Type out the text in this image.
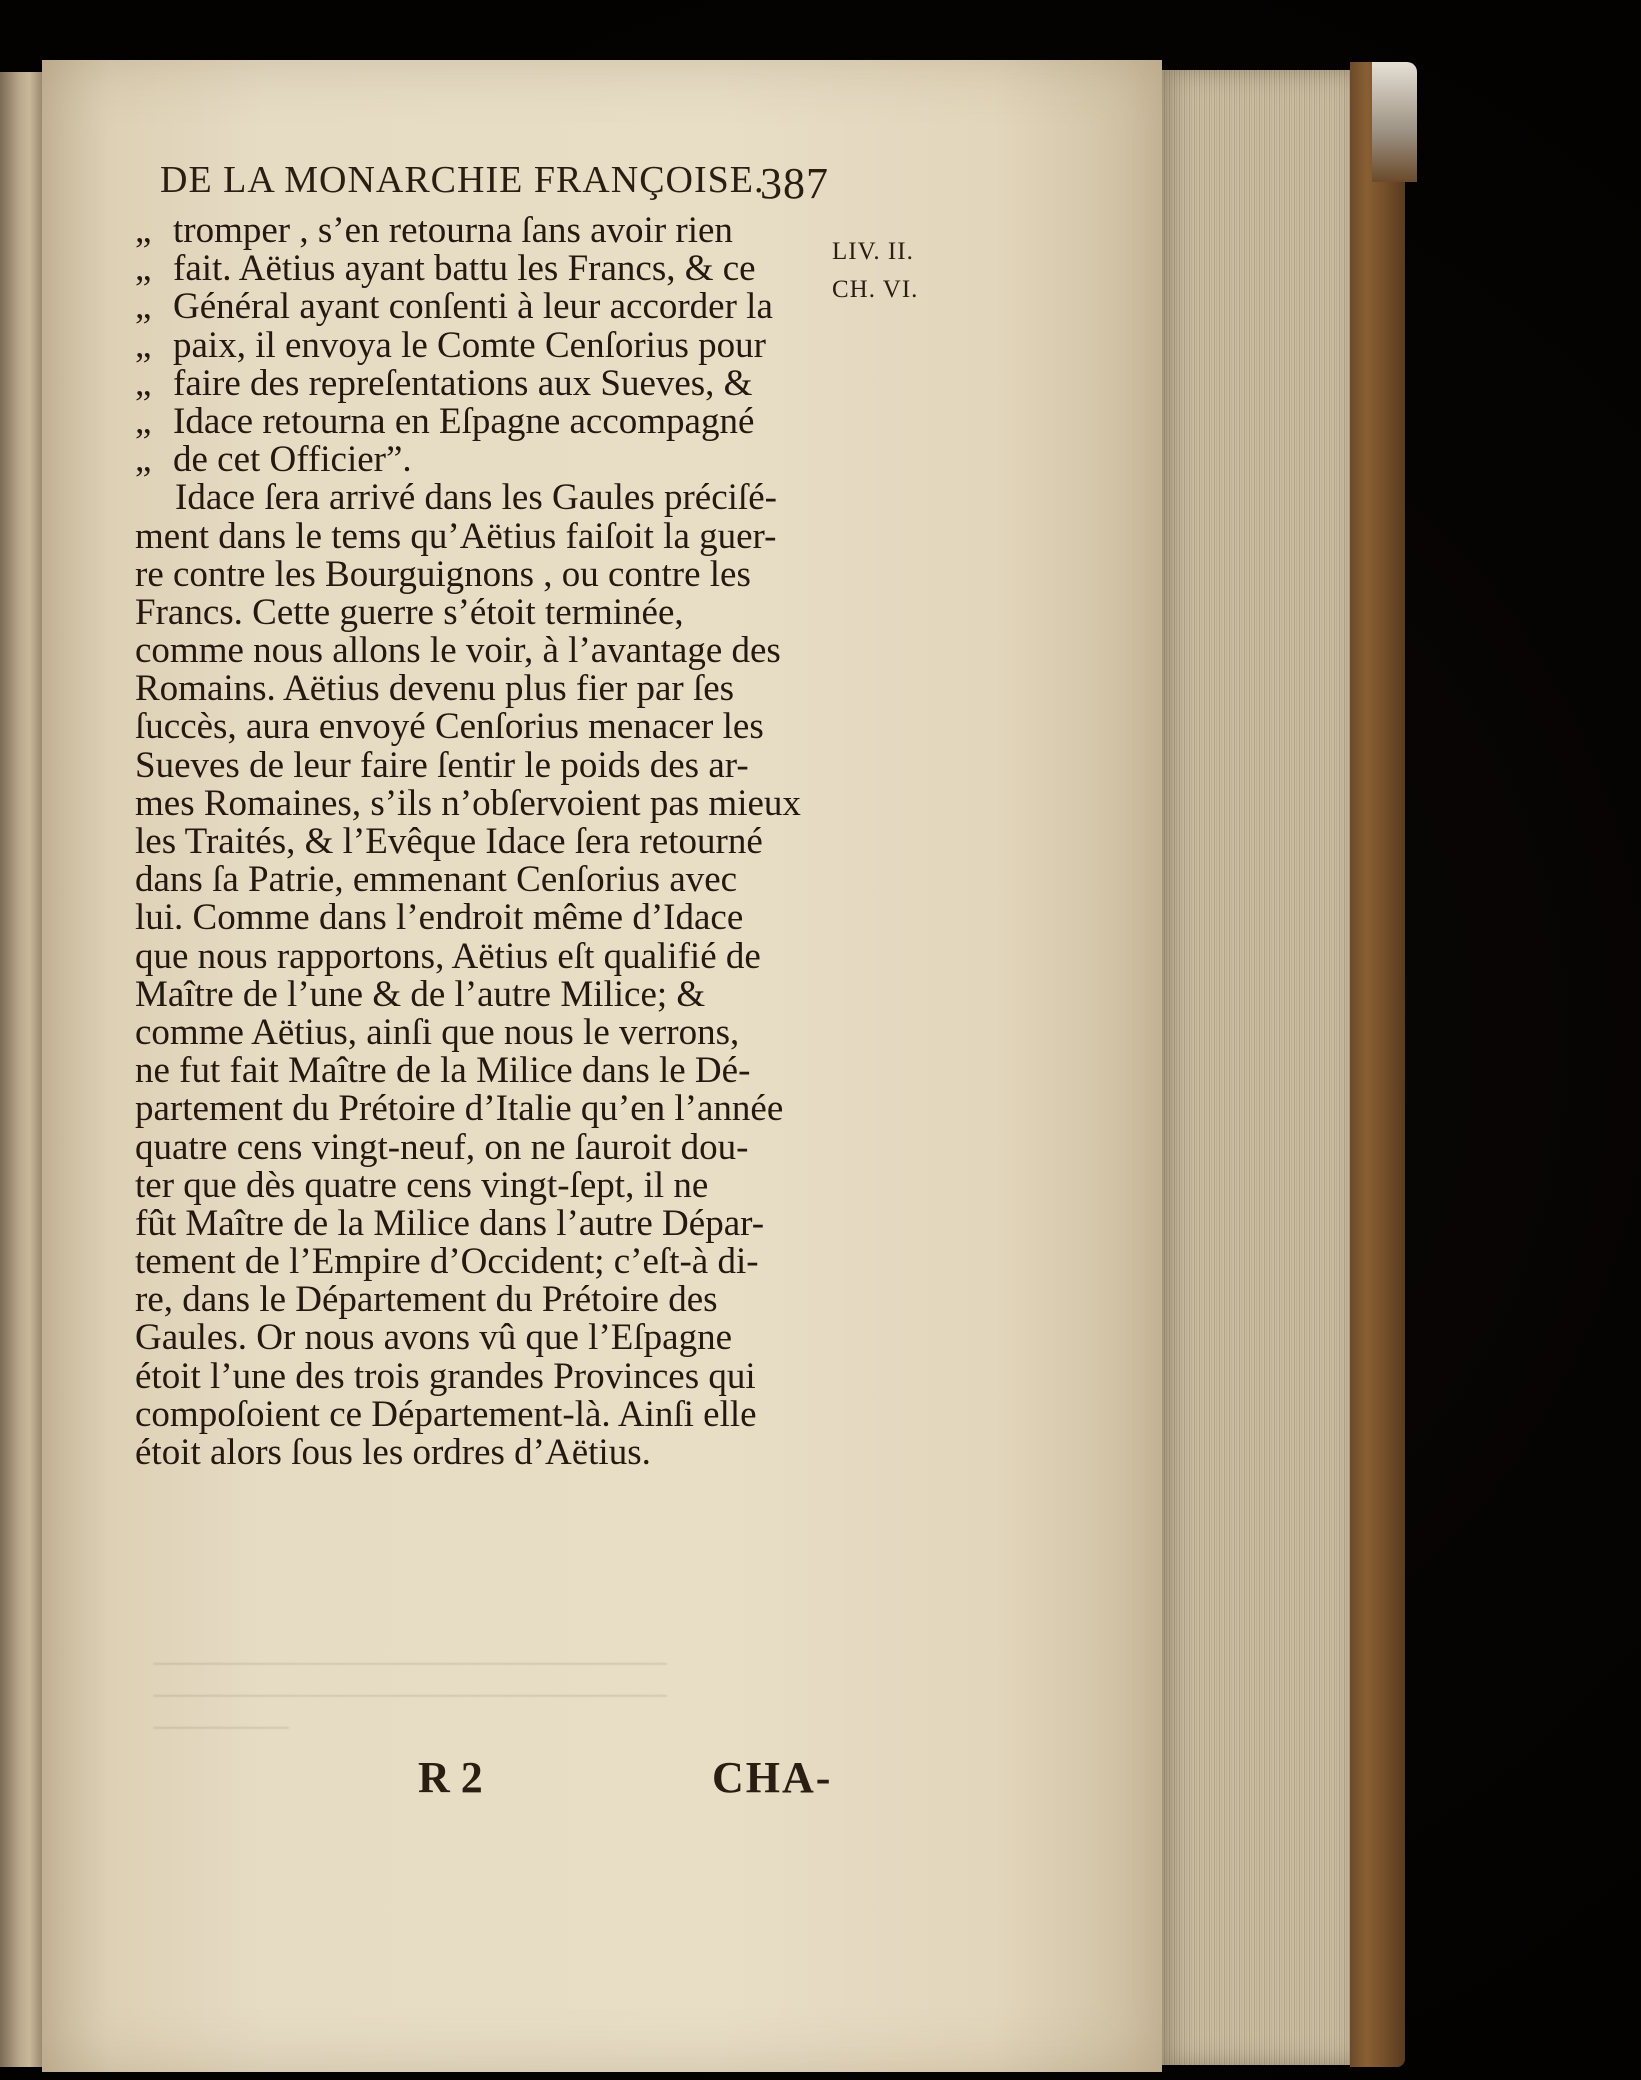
DE LA MONARCHIE FRANÇOISE.
387
LIV. II.
CH. VI.
„ tromper , s’en retourna ſans avoir rien
„ fait. Aëtius ayant battu les Francs, & ce
„ Général ayant conſenti à leur accorder la
„ paix, il envoya le Comte Cenſorius pour
„ faire des repreſentations aux Sueves, &
„ Idace retourna en Eſpagne accompagné
„ de cet Officier”.
Idace ſera arrivé dans les Gaules préciſé-
ment dans le tems qu’Aëtius faiſoit la guer-
re contre les Bourguignons , ou contre les
Francs. Cette guerre s’étoit terminée,
comme nous allons le voir, à l’avantage des
Romains. Aëtius devenu plus fier par ſes
ſuccès, aura envoyé Cenſorius menacer les
Sueves de leur faire ſentir le poids des ar-
mes Romaines, s’ils n’obſervoient pas mieux
les Traités, & l’Evêque Idace ſera retourné
dans ſa Patrie, emmenant Cenſorius avec
lui. Comme dans l’endroit même d’Idace
que nous rapportons, Aëtius eſt qualifié de
Maître de l’une & de l’autre Milice; &
comme Aëtius, ainſi que nous le verrons,
ne fut fait Maître de la Milice dans le Dé-
partement du Prétoire d’Italie qu’en l’année
quatre cens vingt-neuf, on ne ſauroit dou-
ter que dès quatre cens vingt-ſept, il ne
fût Maître de la Milice dans l’autre Dépar-
tement de l’Empire d’Occident; c’eſt-à di-
re, dans le Département du Prétoire des
Gaules. Or nous avons vû que l’Eſpagne
étoit l’une des trois grandes Provinces qui
compoſoient ce Département-là. Ainſi elle
étoit alors ſous les ordres d’Aëtius.
———————————————————
———————————————————
—————
R 2	CHA-
